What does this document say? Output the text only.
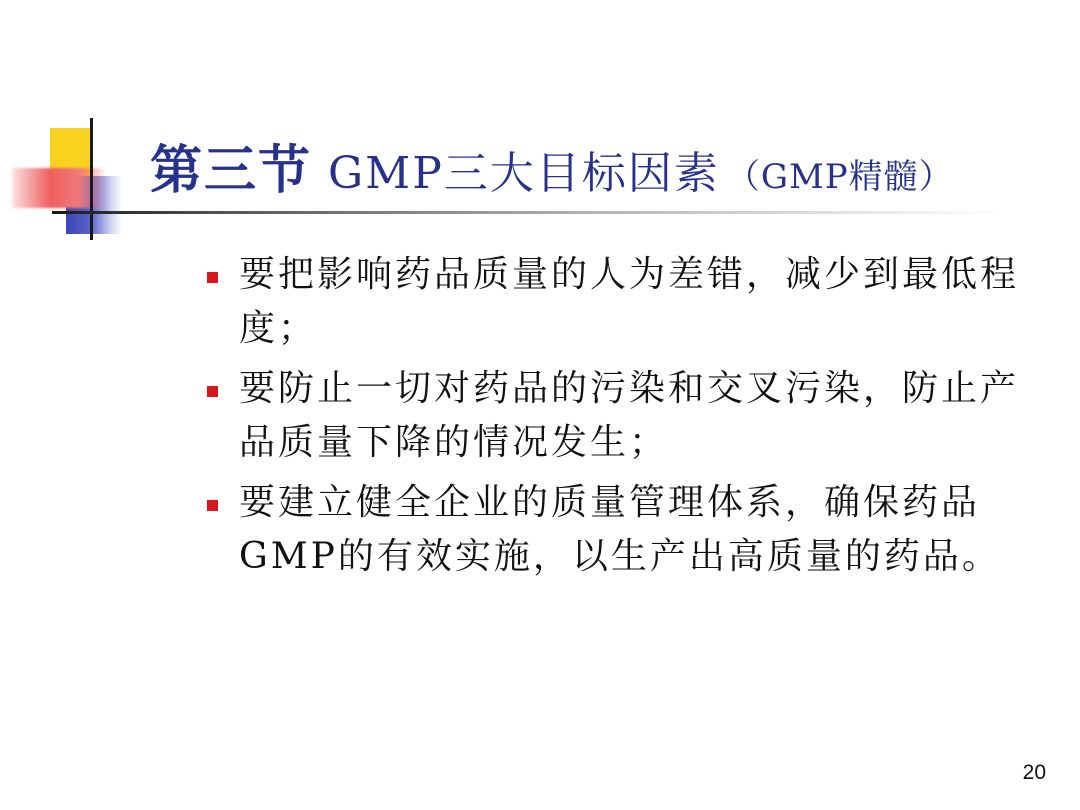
第三节 GMP三大目标因素 （GMP精髓）
要把影响药品质量的人为差错，减少到最低程度；
要防止一切对药品的污染和交叉污染，防止产品质量下降的情况发生；
要建立健全企业的质量管理体系，确保药品GMP的有效实施，以生产出高质量的药品。
20
